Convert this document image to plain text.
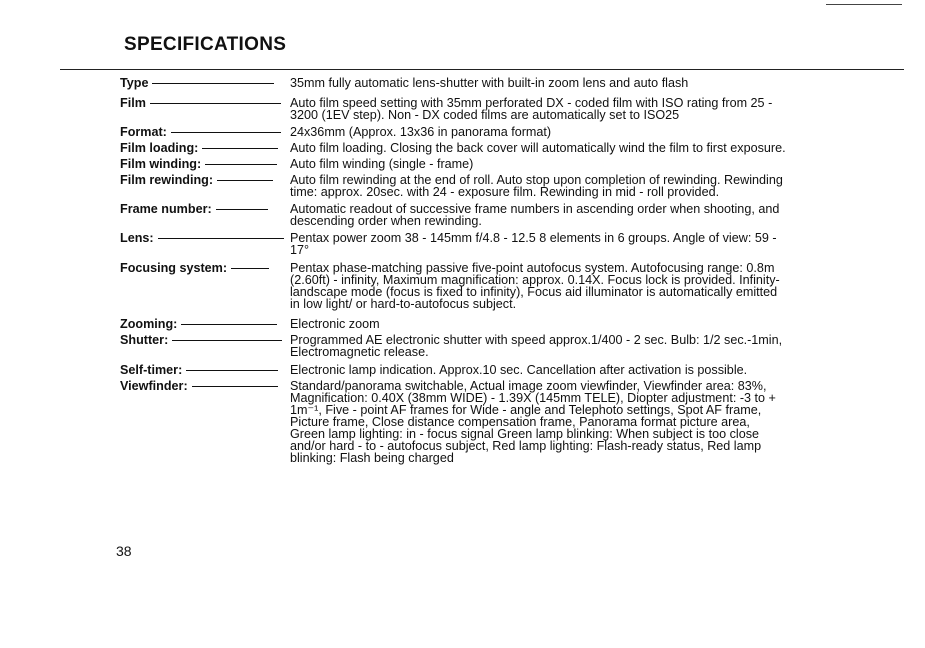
SPECIFICATIONS
Type	35mm fully automatic lens-shutter with built-in zoom lens and auto flash
Film	Auto film speed setting with 35mm perforated DX - coded film with ISO rating from 25 -
3200 (1EV step). Non - DX coded films are automatically set to ISO25
Format:	24x36mm (Approx. 13x36 in panorama format)
Film loading:	Auto film loading. Closing the back cover will automatically wind the film to first exposure.
Film winding:	Auto film winding (single - frame)
Film rewinding:	Auto film rewinding at the end of roll. Auto stop upon completion of rewinding. Rewinding
time: approx. 20sec. with 24 - exposure film. Rewinding in mid - roll provided.
Frame number:	Automatic readout of successive frame numbers in ascending order when shooting, and
descending order when rewinding.
Lens:	Pentax power zoom 38 - 145mm f/4.8 - 12.5 8 elements in 6 groups. Angle of view: 59 -
17°
Focusing system:	Pentax phase-matching passive five-point autofocus system. Autofocusing range: 0.8m
(2.60ft) - infinity, Maximum magnification: approx. 0.14X. Focus lock is provided. Infinity-
landscape mode (focus is fixed to infinity), Focus aid illuminator is automatically emitted
in low light/ or hard-to-autofocus subject.
Zooming:	Electronic zoom
Shutter:	Programmed AE electronic shutter with speed approx.1/400 - 2 sec. Bulb: 1/2 sec.-1min,
Electromagnetic release.
Self-timer:	Electronic lamp indication. Approx.10 sec. Cancellation after activation is possible.
Viewfinder:	Standard/panorama switchable, Actual image zoom viewfinder, Viewfinder area: 83%,
Magnification: 0.40X (38mm WIDE) - 1.39X (145mm TELE), Diopter adjustment: -3 to +
1m⁻¹, Five - point AF frames for Wide - angle and Telephoto settings, Spot AF frame,
Picture frame, Close distance compensation frame, Panorama format picture area,
Green lamp lighting: in - focus signal Green lamp blinking: When subject is too close
and/or hard - to - autofocus subject, Red lamp lighting: Flash-ready status, Red lamp
blinking: Flash being charged
38
